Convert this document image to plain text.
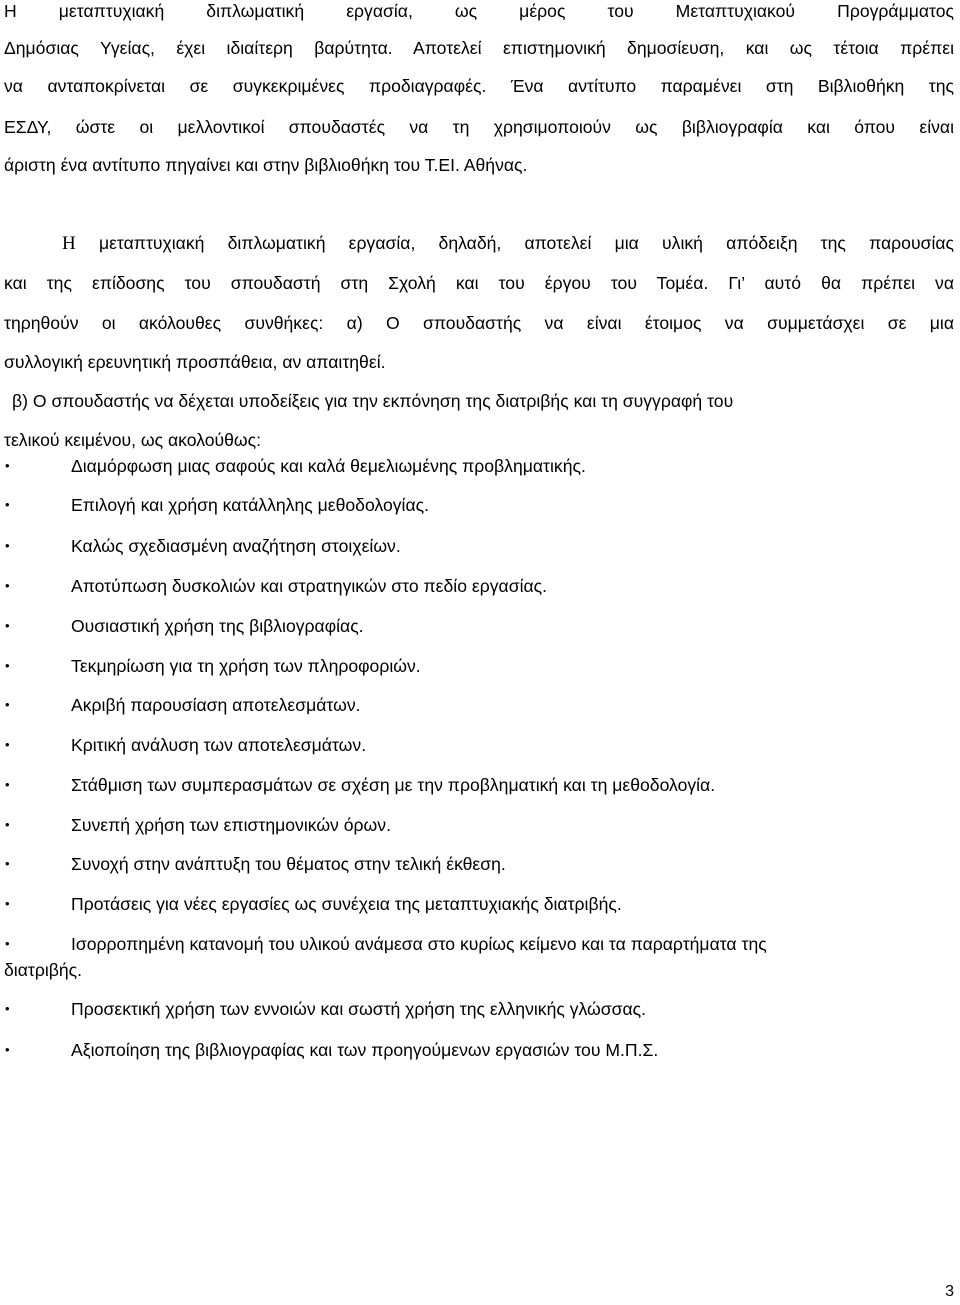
Η μεταπτυχιακή διπλωματική εργασία, ως μέρος του Μεταπτυχιακού Προγράμματος
Δημόσιας Υγείας, έχει ιδιαίτερη βαρύτητα. Αποτελεί επιστημονική δημοσίευση, και ως τέτοια πρέπει
να ανταποκρίνεται σε συγκεκριμένες προδιαγραφές. Ένα αντίτυπο παραμένει στη Βιβλιοθήκη της
ΕΣΔΥ, ώστε οι μελλοντικοί σπουδαστές να τη χρησιμοποιούν ως βιβλιογραφία και όπου είναι
άριστη ένα αντίτυπο πηγαίνει και στην βιβλιοθήκη του Τ.ΕΙ. Αθήνας.
Η μεταπτυχιακή διπλωματική εργασία, δηλαδή, αποτελεί μια υλική απόδειξη της παρουσίας
και της επίδοσης του σπουδαστή στη Σχολή και του έργου του Τομέα. Γι’ αυτό θα πρέπει να
τηρηθούν οι ακόλουθες συνθήκες: α) Ο σπουδαστής να είναι έτοιμος να συμμετάσχει σε μια
συλλογική ερευνητική προσπάθεια, αν απαιτηθεί.
β) Ο σπουδαστής να δέχεται υποδείξεις για την εκπόνηση της διατριβής και τη συγγραφή του
τελικού κειμένου, ως ακολούθως:
•	Διαμόρφωση μιας σαφούς και καλά θεμελιωμένης προβληματικής.
•	Επιλογή και χρήση κατάλληλης μεθοδολογίας.
•	Καλώς σχεδιασμένη αναζήτηση στοιχείων.
•	Αποτύπωση δυσκολιών και στρατηγικών στο πεδίο εργασίας.
•	Ουσιαστική χρήση της βιβλιογραφίας.
•	Τεκμηρίωση για τη χρήση των πληροφοριών.
•	Ακριβή παρουσίαση αποτελεσμάτων.
•	Κριτική ανάλυση των αποτελεσμάτων.
•	Στάθμιση των συμπερασμάτων σε σχέση με την προβληματική και τη μεθοδολογία.
•	Συνεπή χρήση των επιστημονικών όρων.
•	Συνοχή στην ανάπτυξη του θέματος στην τελική έκθεση.
•	Προτάσεις για νέες εργασίες ως συνέχεια της μεταπτυχιακής διατριβής.
•	Ισορροπημένη κατανομή του υλικού ανάμεσα στο κυρίως κείμενο και τα παραρτήματα της
διατριβής.
•	Προσεκτική χρήση των εννοιών και σωστή χρήση της ελληνικής γλώσσας.
•	Αξιοποίηση της βιβλιογραφίας και των προηγούμενων εργασιών του Μ.Π.Σ.
3
